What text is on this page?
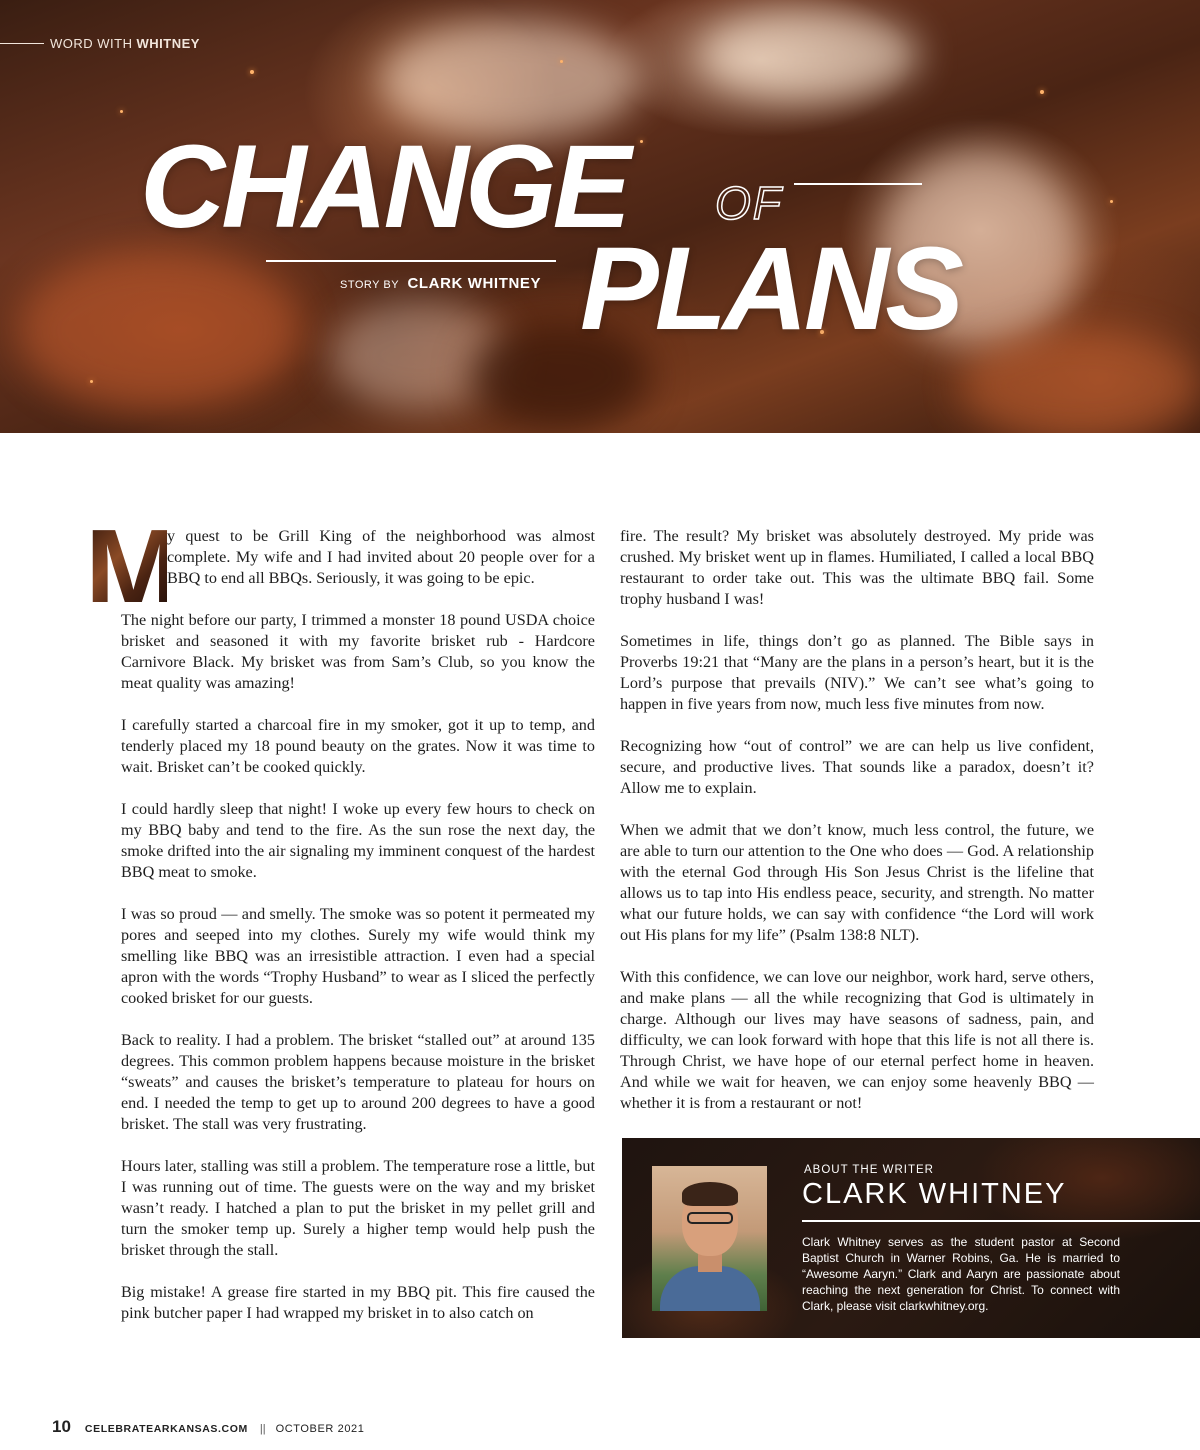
WORD WITH WHITNEY
CHANGE OF
STORY BY CLARK WHITNEY PLANS

M
y quest to be Grill King of the neighborhood was almost complete. My wife and I had invited about 20 people over for a BBQ to end all BBQs. Seriously, it was going to be epic.

The night before our party, I trimmed a monster 18 pound USDA choice brisket and seasoned it with my favorite brisket rub - Hardcore Carnivore Black. My brisket was from Sam’s Club, so you know the meat quality was amazing!

I carefully started a charcoal fire in my smoker, got it up to temp, and tenderly placed my 18 pound beauty on the grates. Now it was time to wait. Brisket can’t be cooked quickly.

I could hardly sleep that night! I woke up every few hours to check on my BBQ baby and tend to the fire. As the sun rose the next day, the smoke drifted into the air signaling my imminent conquest of the hardest BBQ meat to smoke.

I was so proud — and smelly. The smoke was so potent it permeated my pores and seeped into my clothes. Surely my wife would think my smelling like BBQ was an irresistible attraction. I even had a special apron with the words “Trophy Husband” to wear as I sliced the perfectly cooked brisket for our guests.

Back to reality. I had a problem. The brisket “stalled out” at around 135 degrees. This common problem happens because moisture in the brisket “sweats” and causes the brisket’s temperature to plateau for hours on end. I needed the temp to get up to around 200 degrees to have a good brisket. The stall was very frustrating.

Hours later, stalling was still a problem. The temperature rose a little, but I was running out of time. The guests were on the way and my brisket wasn’t ready. I hatched a plan to put the brisket in my pellet grill and turn the smoker temp up. Surely a higher temp would help push the brisket through the stall.

Big mistake! A grease fire started in my BBQ pit. This fire caused the pink butcher paper I had wrapped my brisket in to also catch on

fire. The result? My brisket was absolutely destroyed. My pride was crushed. My brisket went up in flames. Humiliated, I called a local BBQ restaurant to order take out. This was the ultimate BBQ fail. Some trophy husband I was!

Sometimes in life, things don’t go as planned. The Bible says in Proverbs 19:21 that “Many are the plans in a person’s heart, but it is the Lord’s purpose that prevails (NIV).” We can’t see what’s going to happen in five years from now, much less five minutes from now.

Recognizing how “out of control” we are can help us live confident, secure, and productive lives. That sounds like a paradox, doesn’t it? Allow me to explain.

When we admit that we don’t know, much less control, the future, we are able to turn our attention to the One who does — God. A relationship with the eternal God through His Son Jesus Christ is the lifeline that allows us to tap into His endless peace, security, and strength. No matter what our future holds, we can say with confidence “the Lord will work out His plans for my life” (Psalm 138:8 NLT).

With this confidence, we can love our neighbor, work hard, serve others, and make plans — all the while recognizing that God is ultimately in charge. Although our lives may have seasons of sadness, pain, and difficulty, we can look forward with hope that this life is not all there is. Through Christ, we have hope of our eternal perfect home in heaven. And while we wait for heaven, we can enjoy some heavenly BBQ — whether it is from a restaurant or not!

ABOUT THE WRITER
CLARK WHITNEY
Clark Whitney serves as the student pastor at Second Baptist Church in Warner Robins, Ga. He is married to “Awesome Aaryn.” Clark and Aaryn are passionate about reaching the next generation for Christ. To connect with Clark, please visit clarkwhitney.org.
10 CELEBRATEARKANSAS.COM || OCTOBER 2021
